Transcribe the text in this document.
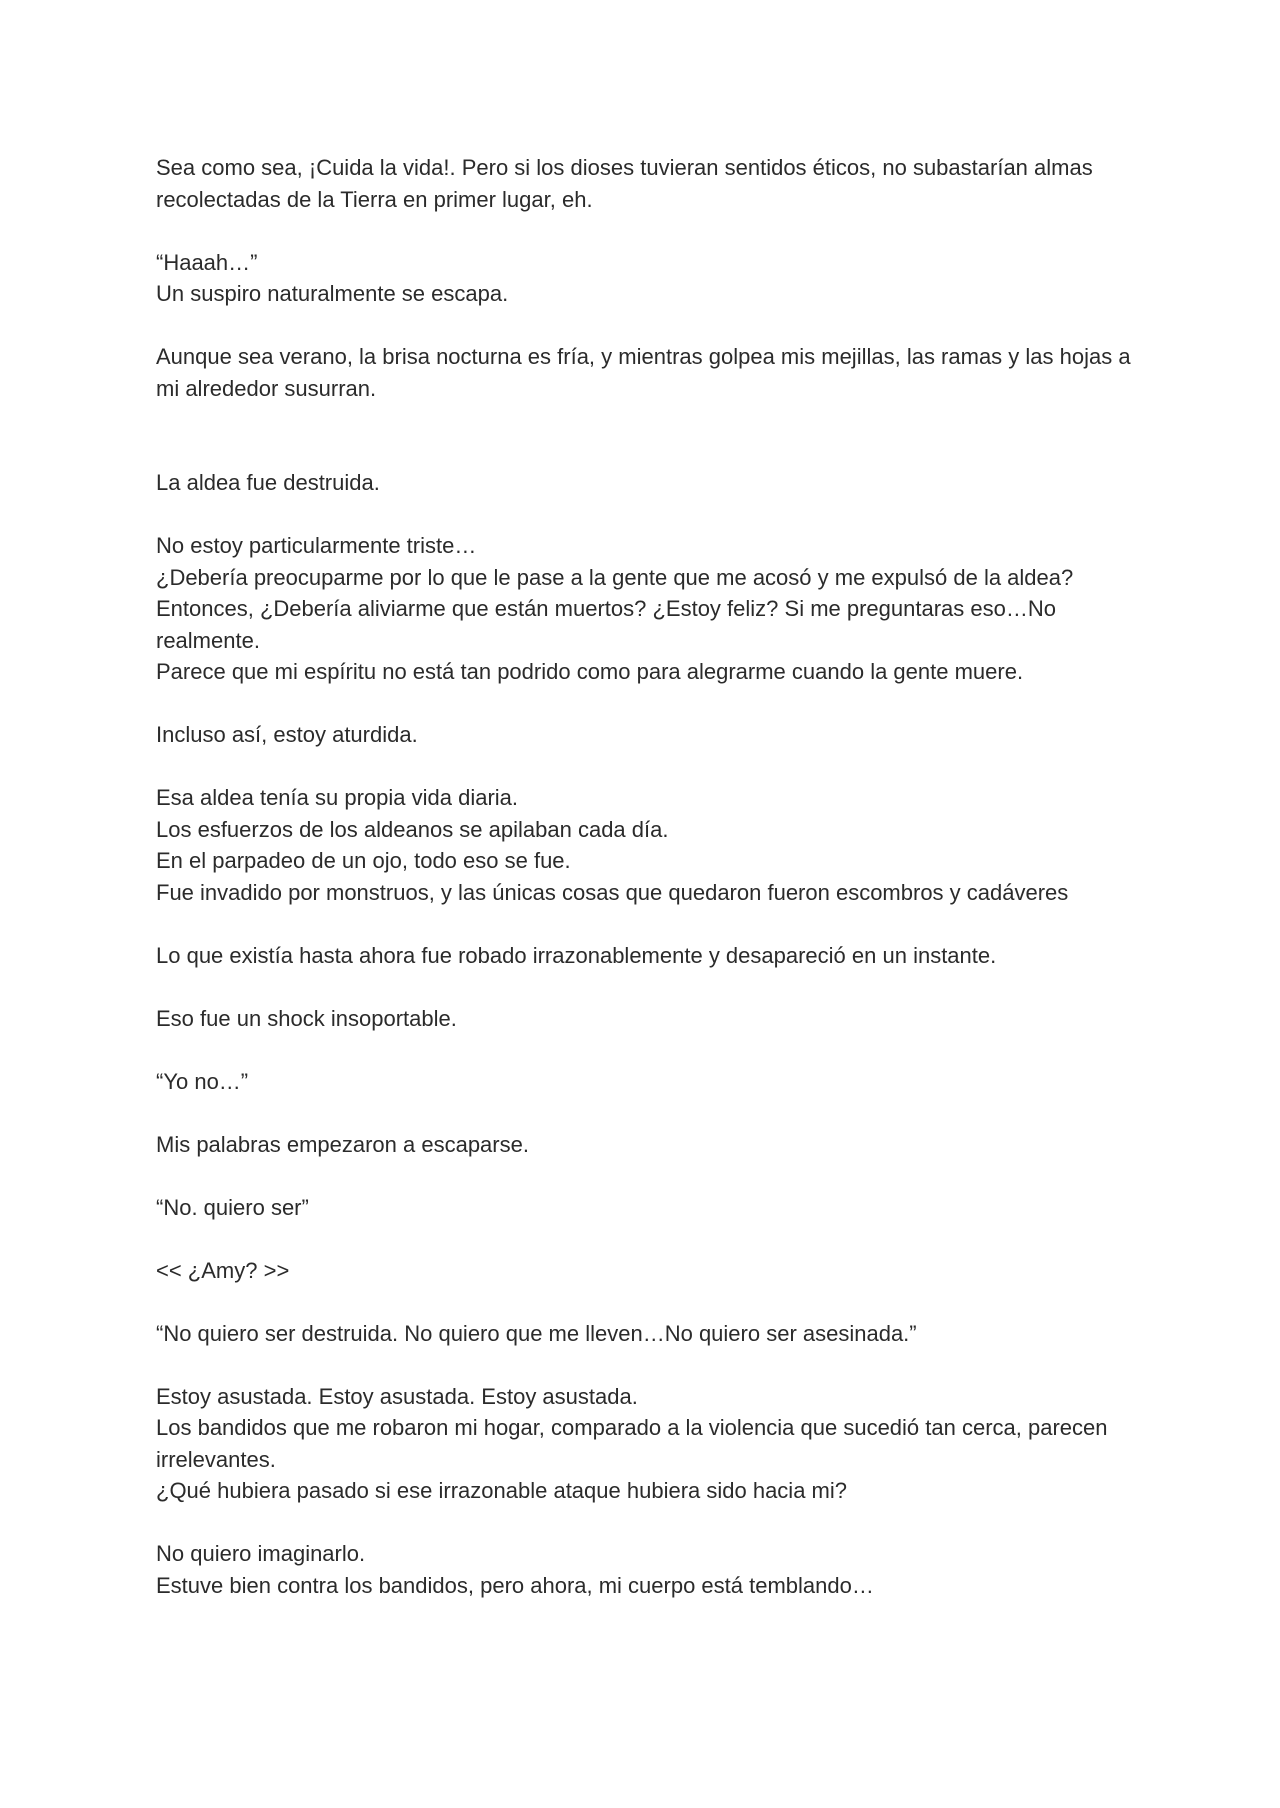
Sea como sea, ¡Cuida la vida!. Pero si los dioses tuvieran sentidos éticos, no subastarían almas recolectadas de la Tierra en primer lugar, eh.

“Haaah…”
Un suspiro naturalmente se escapa.

Aunque sea verano, la brisa nocturna es fría, y mientras golpea mis mejillas, las ramas y las hojas a mi alrededor susurran.

La aldea fue destruida.

No estoy particularmente triste…
¿Debería preocuparme por lo que le pase a la gente que me acosó y me expulsó de la aldea?
Entonces, ¿Debería aliviarme que están muertos? ¿Estoy feliz? Si me preguntaras eso…No realmente.
Parece que mi espíritu no está tan podrido como para alegrarme cuando la gente muere.

Incluso así, estoy aturdida.

Esa aldea tenía su propia vida diaria.
Los esfuerzos de los aldeanos se apilaban cada día.
En el parpadeo de un ojo, todo eso se fue.
Fue invadido por monstruos, y las únicas cosas que quedaron fueron escombros y cadáveres

Lo que existía hasta ahora fue robado irrazonablemente y desapareció en un instante.

Eso fue un shock insoportable.

“Yo no…”

Mis palabras empezaron a escaparse.

“No. quiero ser”

<< ¿Amy? >>

“No quiero ser destruida. No quiero que me lleven…No quiero ser asesinada.”

Estoy asustada. Estoy asustada. Estoy asustada.
Los bandidos que me robaron mi hogar, comparado a la violencia que sucedió tan cerca, parecen irrelevantes.
¿Qué hubiera pasado si ese irrazonable ataque hubiera sido hacia mi?

No quiero imaginarlo.
Estuve bien contra los bandidos, pero ahora, mi cuerpo está temblando…
